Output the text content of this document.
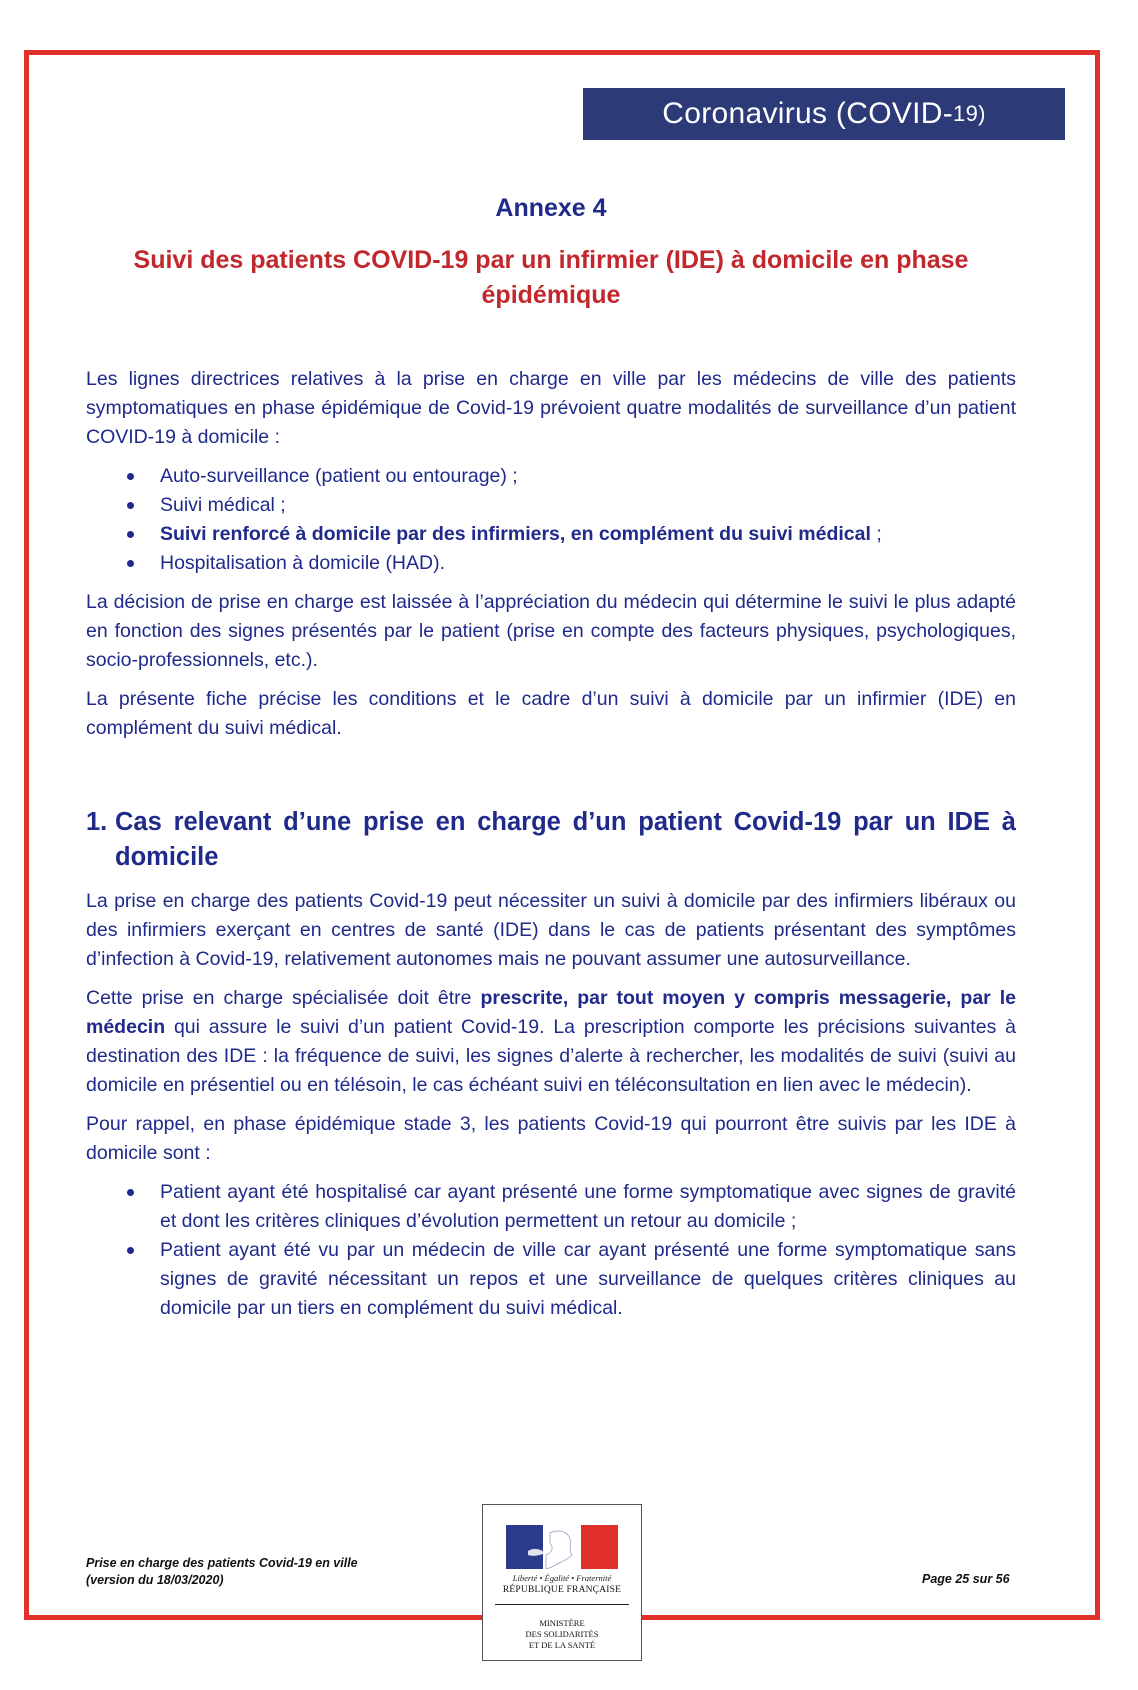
Coronavirus (COVID- 19)

Annexe 4

Suivi des patients COVID-19 par un infirmier (IDE) à domicile en phase
épidémique

Les lignes directrices relatives à la prise en charge en ville par les médecins de ville des patients symptomatiques en phase épidémique de Covid-19 prévoient quatre modalités de surveillance d’un patient COVID-19 à domicile :

Auto-surveillance (patient ou entourage) ;
Suivi médical ;
Suivi renforcé à domicile par des infirmiers, en complément du suivi médical ;
Hospitalisation à domicile (HAD).

La décision de prise en charge est laissée à l’appréciation du médecin qui détermine le suivi le plus adapté en fonction des signes présentés par le patient (prise en compte des facteurs physiques, psychologiques, socio-professionnels, etc.).

La présente fiche précise les conditions et le cadre d’un suivi à domicile par un infirmier (IDE) en complément du suivi médical.

1. Cas relevant d’une prise en charge d’un patient Covid-19 par un IDE à domicile

La prise en charge des patients Covid-19 peut nécessiter un suivi à domicile par des infirmiers libéraux ou des infirmiers exerçant en centres de santé (IDE) dans le cas de patients présentant des symptômes d’infection à Covid-19, relativement autonomes mais ne pouvant assumer une autosurveillance.

Cette prise en charge spécialisée doit être prescrite, par tout moyen y compris messagerie, par le médecin qui assure le suivi d’un patient Covid-19. La prescription comporte les précisions suivantes à destination des IDE : la fréquence de suivi, les signes d’alerte à rechercher, les modalités de suivi (suivi au domicile en présentiel ou en télésoin, le cas échéant suivi en téléconsultation en lien avec le médecin).

Pour rappel, en phase épidémique stade 3, les patients Covid-19 qui pourront être suivis par les IDE à domicile sont :

Patient ayant été hospitalisé car ayant présenté une forme symptomatique avec signes de gravité et dont les critères cliniques d’évolution permettent un retour au domicile ;
Patient ayant été vu par un médecin de ville car ayant présenté une forme symptomatique sans signes de gravité nécessitant un repos et une surveillance de quelques critères cliniques au domicile par un tiers en complément du suivi médical.
Prise en charge des patients Covid-19 en ville
(version du 18/03/2020)	Page 25 sur 56
Liberté • Égalité • Fraternité
RÉPUBLIQUE FRANÇAISE
MINISTÈRE
DES SOLIDARITÉS
ET DE LA SANTÉ
